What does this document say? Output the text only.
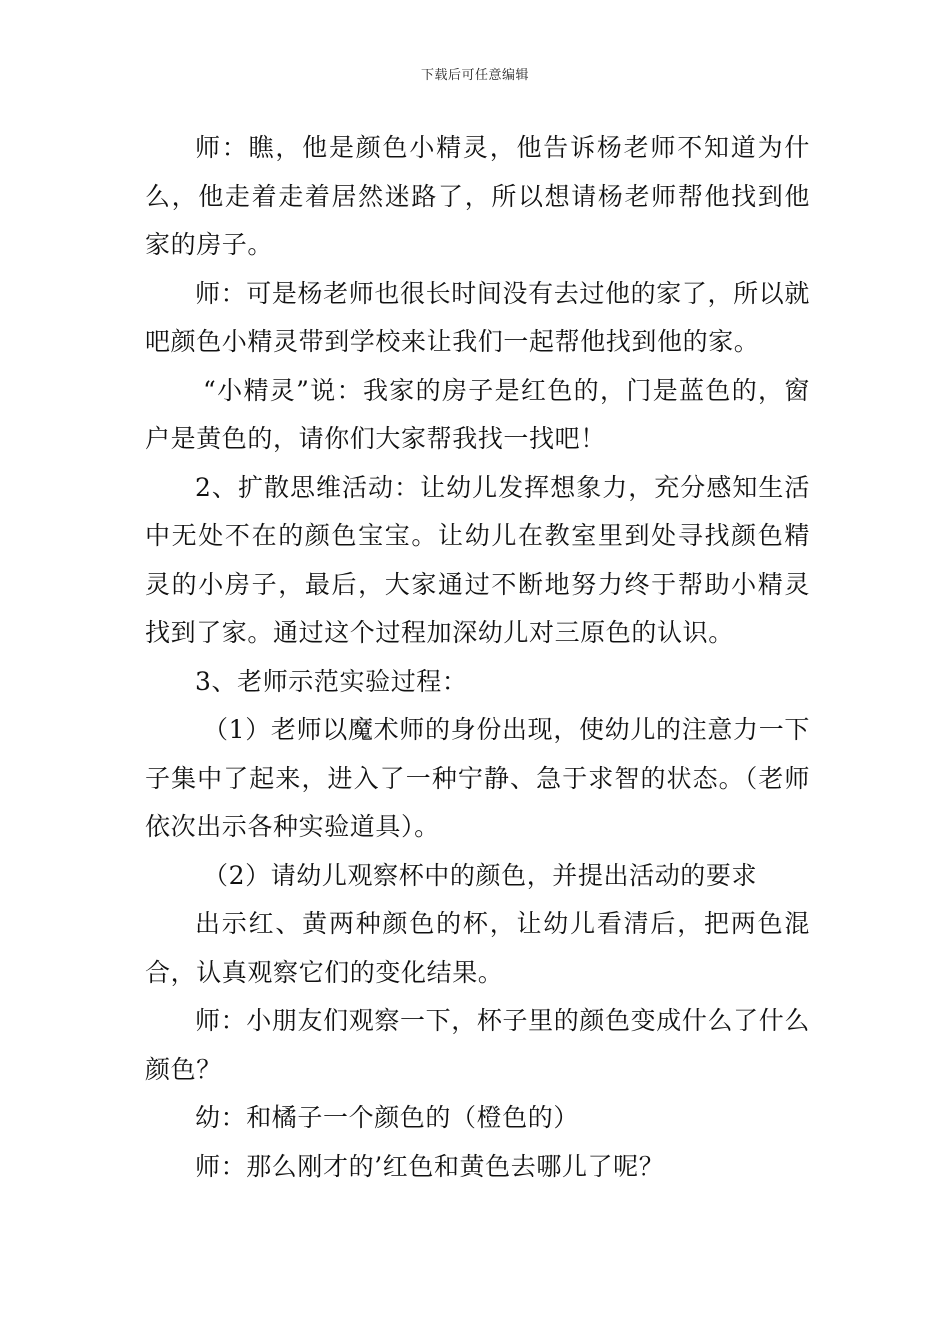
下载后可任意编辑

师：瞧，他是颜色小精灵，他告诉杨老师不知道为什么，他走着走着居然迷路了，所以想请杨老师帮他找到他家的房子。

师：可是杨老师也很长时间没有去过他的家了，所以就吧颜色小精灵带到学校来让我们一起帮他找到他的家。

“小精灵”说：我家的房子是红色的，门是蓝色的，窗户是黄色的，请你们大家帮我找一找吧！

2、扩散思维活动：让幼儿发挥想象力，充分感知生活中无处不在的颜色宝宝。让幼儿在教室里到处寻找颜色精灵的小房子，最后，大家通过不断地努力终于帮助小精灵找到了家。通过这个过程加深幼儿对三原色的认识。

3、老师示范实验过程：

（1）老师以魔术师的身份出现，使幼儿的注意力一下子集中了起来，进入了一种宁静、急于求智的状态。（老师依次出示各种实验道具）。

（2）请幼儿观察杯中的颜色，并提出活动的要求

出示红、黄两种颜色的杯，让幼儿看清后，把两色混合，认真观察它们的变化结果。

师：小朋友们观察一下，杯子里的颜色变成什么了什么颜色？

幼：和橘子一个颜色的（橙色的）

师：那么刚才的’红色和黄色去哪儿了呢？
